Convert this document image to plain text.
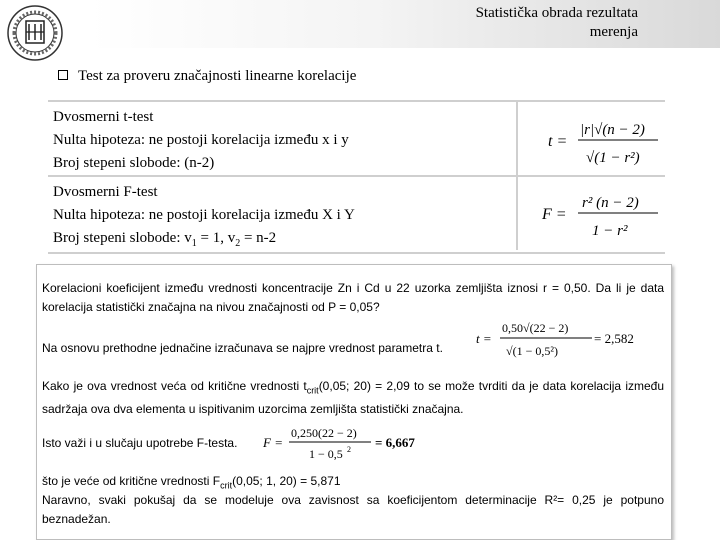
Statistička obrada rezultata
merenja
Test za proveru značajnosti linearne korelacije
Dvosmerni t-test
Nulta hipoteza: ne postoji korelacija između x i y
Broj stepeni slobode: (n-2)
t =
|r|√(n − 2)
√(1 − r²)
Dvosmerni F-test
Nulta hipoteza: ne postoji korelacija između X i Y
Broj stepeni slobode: $v_1 = 1$, $v_2 = n-2$
F =
r² (n − 2)
1 − r²
Korelacioni koeficijent između vrednosti koncentracije Zn i Cd u 22 uzorka zemljišta iznosi r = 0,50. Da li je data korelacija statistički značajna na nivou značajnosti od P = 0,05?
t =
0,50√(22 − 2)
√(1 − 0,5²)
= 2,582
Na osnovu prethodne jednačine izračunava se najpre vrednost parametra t.
Kako je ova vrednost veća od kritične vrednosti $t_{crit}(0,05$; 20) = 2,09 to se može tvrditi da je data korelacija između sadržaja ova dva elementa u ispitivanim uzorcima zemljišta statistički značajna.
Isto važi i u slučaju upotrebe F-testa. F =
0,250(22 − 2)
1 − 0,5 2 = 6,667
što je veće od kritične vrednosti $F_{crit}(0,05$; 1, 20) = 5,871
Naravno, svaki pokušaj da se modeluje ova zavisnost sa koeficijentom determinacije R²= 0,25 je potpuno beznadežan.
